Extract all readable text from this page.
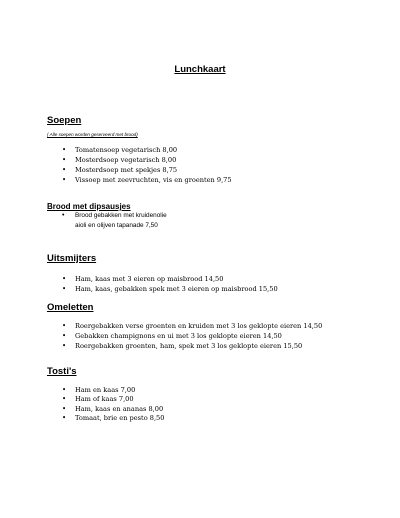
Lunchkaart
Soepen
( Alle soepen worden geserveerd met brood)
• Tomatensoep vegetarisch 8,00
• Mosterdsoep vegetarisch 8,00
• Mosterdsoep met spekjes 8,75
• Vissoep met zeevruchten, vis en groenten 9,75
Brood met dipsausjes
• Brood gebakken met kruidenolie
aioli en olijven tapanade 7,50
Uitsmijters
• Ham, kaas met 3 eieren op maisbrood 14,50
• Ham, kaas, gebakken spek met 3 eieren op maisbrood 15,50
Omeletten
• Roergebakken verse groenten en kruiden met 3 los geklopte eieren 14,50
• Gebakken champignons en ui met 3 los geklopte eieren 14,50
• Roergebakken groenten, ham, spek met 3 los geklopte eieren 15,50
Tosti's
• Ham en kaas 7,00
• Ham of kaas 7,00
• Ham, kaas en ananas 8,00
• Tomaat, brie en pesto 8,50
